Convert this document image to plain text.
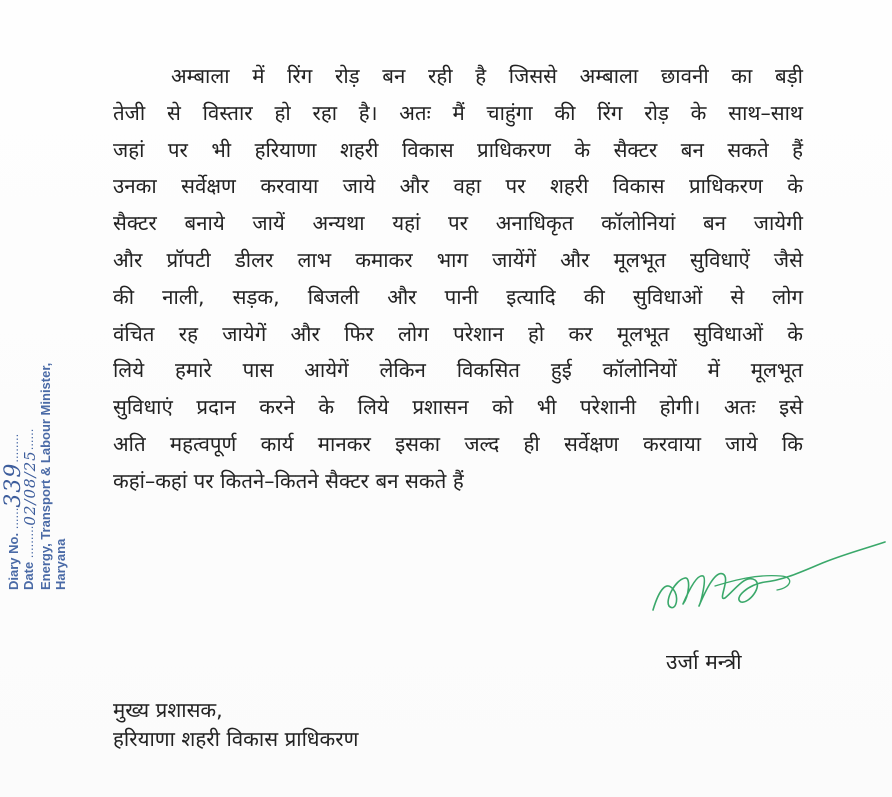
अम्बाला में रिंग रोड़ बन रही है जिससे अम्बाला छावनी का बड़ी
तेजी से विस्तार हो रहा है। अतः मैं चाहुंगा की रिंग रोड़ के साथ–साथ
जहां पर भी हरियाणा शहरी विकास प्राधिकरण के सैक्टर बन सकते हैं
उनका सर्वेक्षण करवाया जाये और वहा पर शहरी विकास प्राधिकरण के
सैक्टर बनाये जायें अन्यथा यहां पर अनाधिकृत कॉलोनियां बन जायेगी
और प्रॉपटी डीलर लाभ कमाकर भाग जायेंगें और मूलभूत सुविधाऐं जैसे
की नाली, सड़क, बिजली और पानी इत्यादि की सुविधाओं से लोग
वंचित रह जायेगें और फिर लोग परेशान हो कर मूलभूत सुविधाओं के
लिये हमारे पास आयेगें लेकिन विकसित हुई कॉलोनियों में मूलभूत
सुविधाएं प्रदान करने के लिये प्रशासन को भी परेशानी होगी। अतः इसे
अति महत्वपूर्ण कार्य मानकर इसका जल्द ही सर्वेक्षण करवाया जाये कि
कहां–कहां पर कितने–कितने सैक्टर बन सकते हैं
Diary No. ......339........
Date .........02/08/25...... Energy, Transport & Labour Minister, Haryana
उर्जा मन्त्री
मुख्य प्रशासक,
हरियाणा शहरी विकास प्राधिकरण
